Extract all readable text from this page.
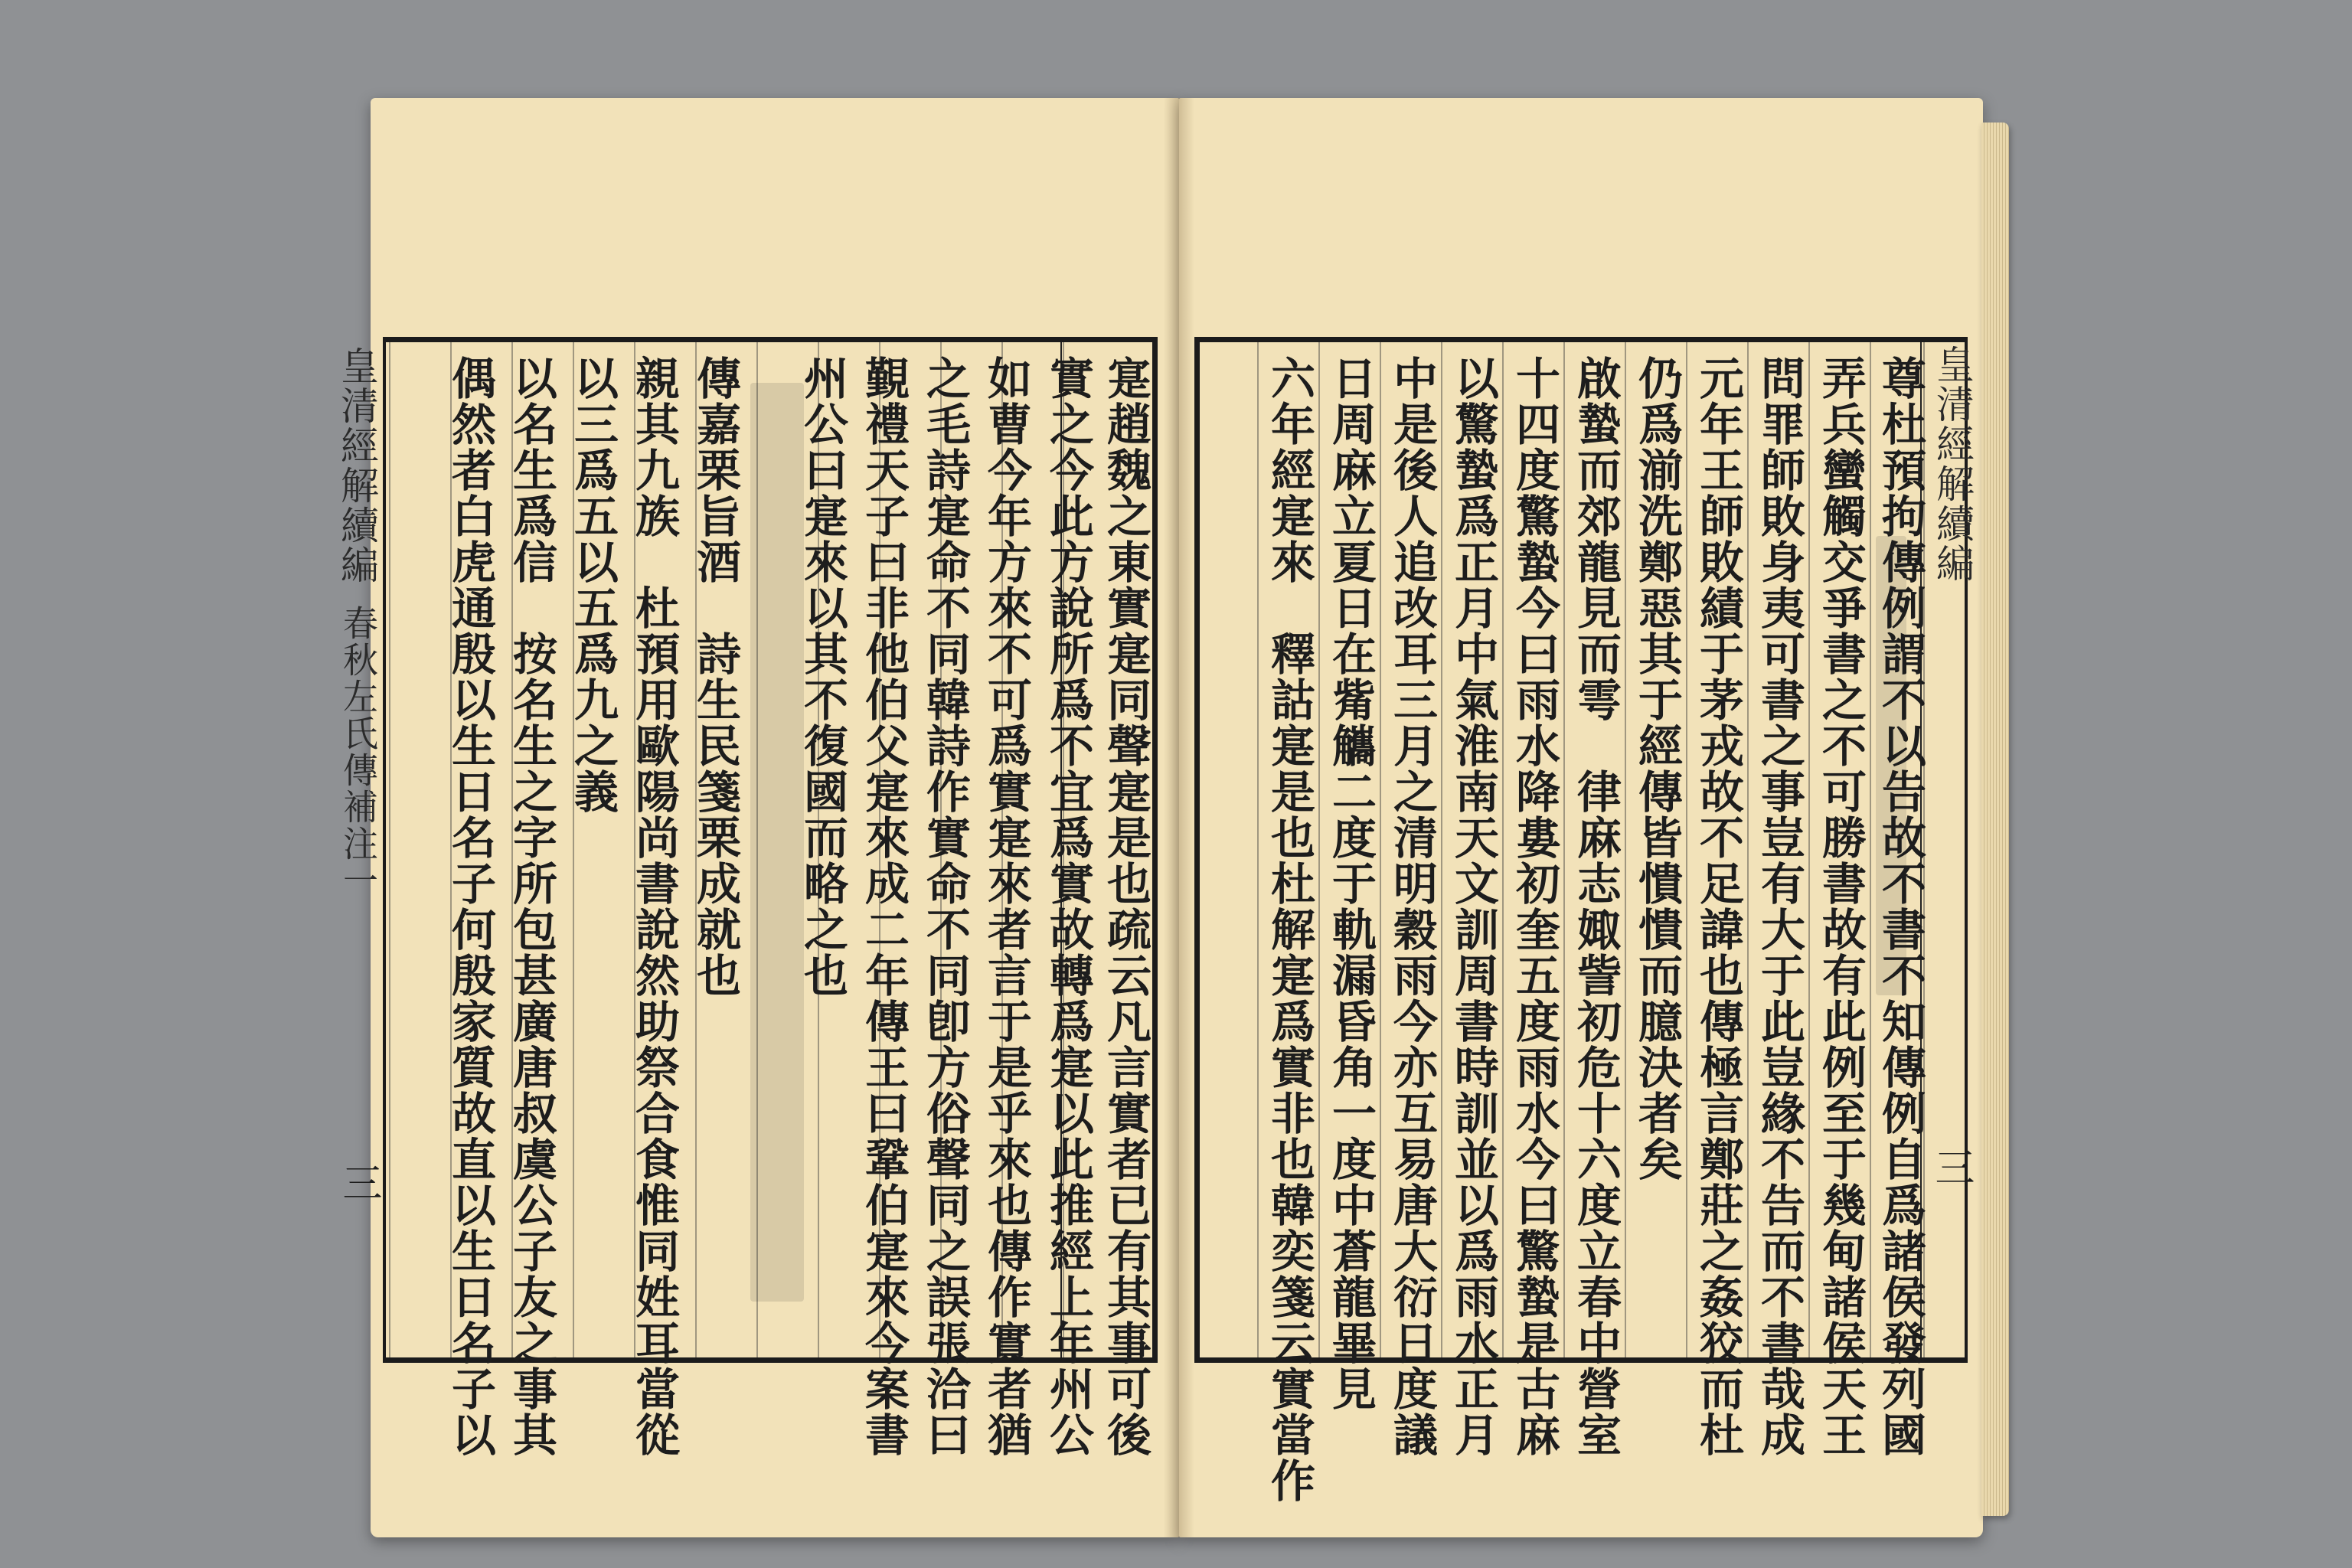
皇清經解續編
春秋左氏傳補注一
三	寔趙魏之東實寔同聲寔是也疏云凡言實者已有其事可後
實之今此方說所爲不宜爲實故轉爲寔以此推經上年州公
如曹今年方來不可爲實寔來者言于是乎來也傳作實者猶
之毛詩寔命不同韓詩作實命不同卽方俗聲同之誤張洽曰
覲禮天子曰非他伯父寔來成二年傳王曰鞏伯寔來今案書
州公曰寔來以其不復國而略之也
傳嘉栗旨酒　詩生民箋栗成就也
親其九族　杜預用歐陽尚書說然助祭合食惟同姓耳當從
以三爲五以五爲九之義
以名生爲信　按名生之字所包甚廣唐叔虞公子友之事其
偶然者白虎通殷以生日名子何殷家質故直以生日名子以	皇清經解續編
三
尊杜預拘傳例謂不以告故不書不知傳例自爲諸侯發列國
弄兵蠻觸交爭書之不可勝書故有此例至于幾甸諸侯天王
問罪師敗身夷可書之事豈有大于此豈緣不告而不書哉成
元年王師敗績于茅戎故不足諱也傳極言鄭莊之姦狡而杜
仍爲湔洗鄭惡其于經傳皆憒憒而臆決者矣
啟蟄而郊龍見而雩　律麻志娵訾初危十六度立春中營室
十四度驚蟄今曰雨水降婁初奎五度雨水今曰驚蟄是古麻
以驚蟄爲正月中氣淮南天文訓周書時訓並以爲雨水正月
中是後人追改耳三月之清明穀雨今亦互易唐大衍日度議
日周麻立夏日在觜觿二度于軌漏昏角一度中蒼龍畢見
六年經寔來　釋詁寔是也杜解寔爲實非也韓奕箋云實當作
